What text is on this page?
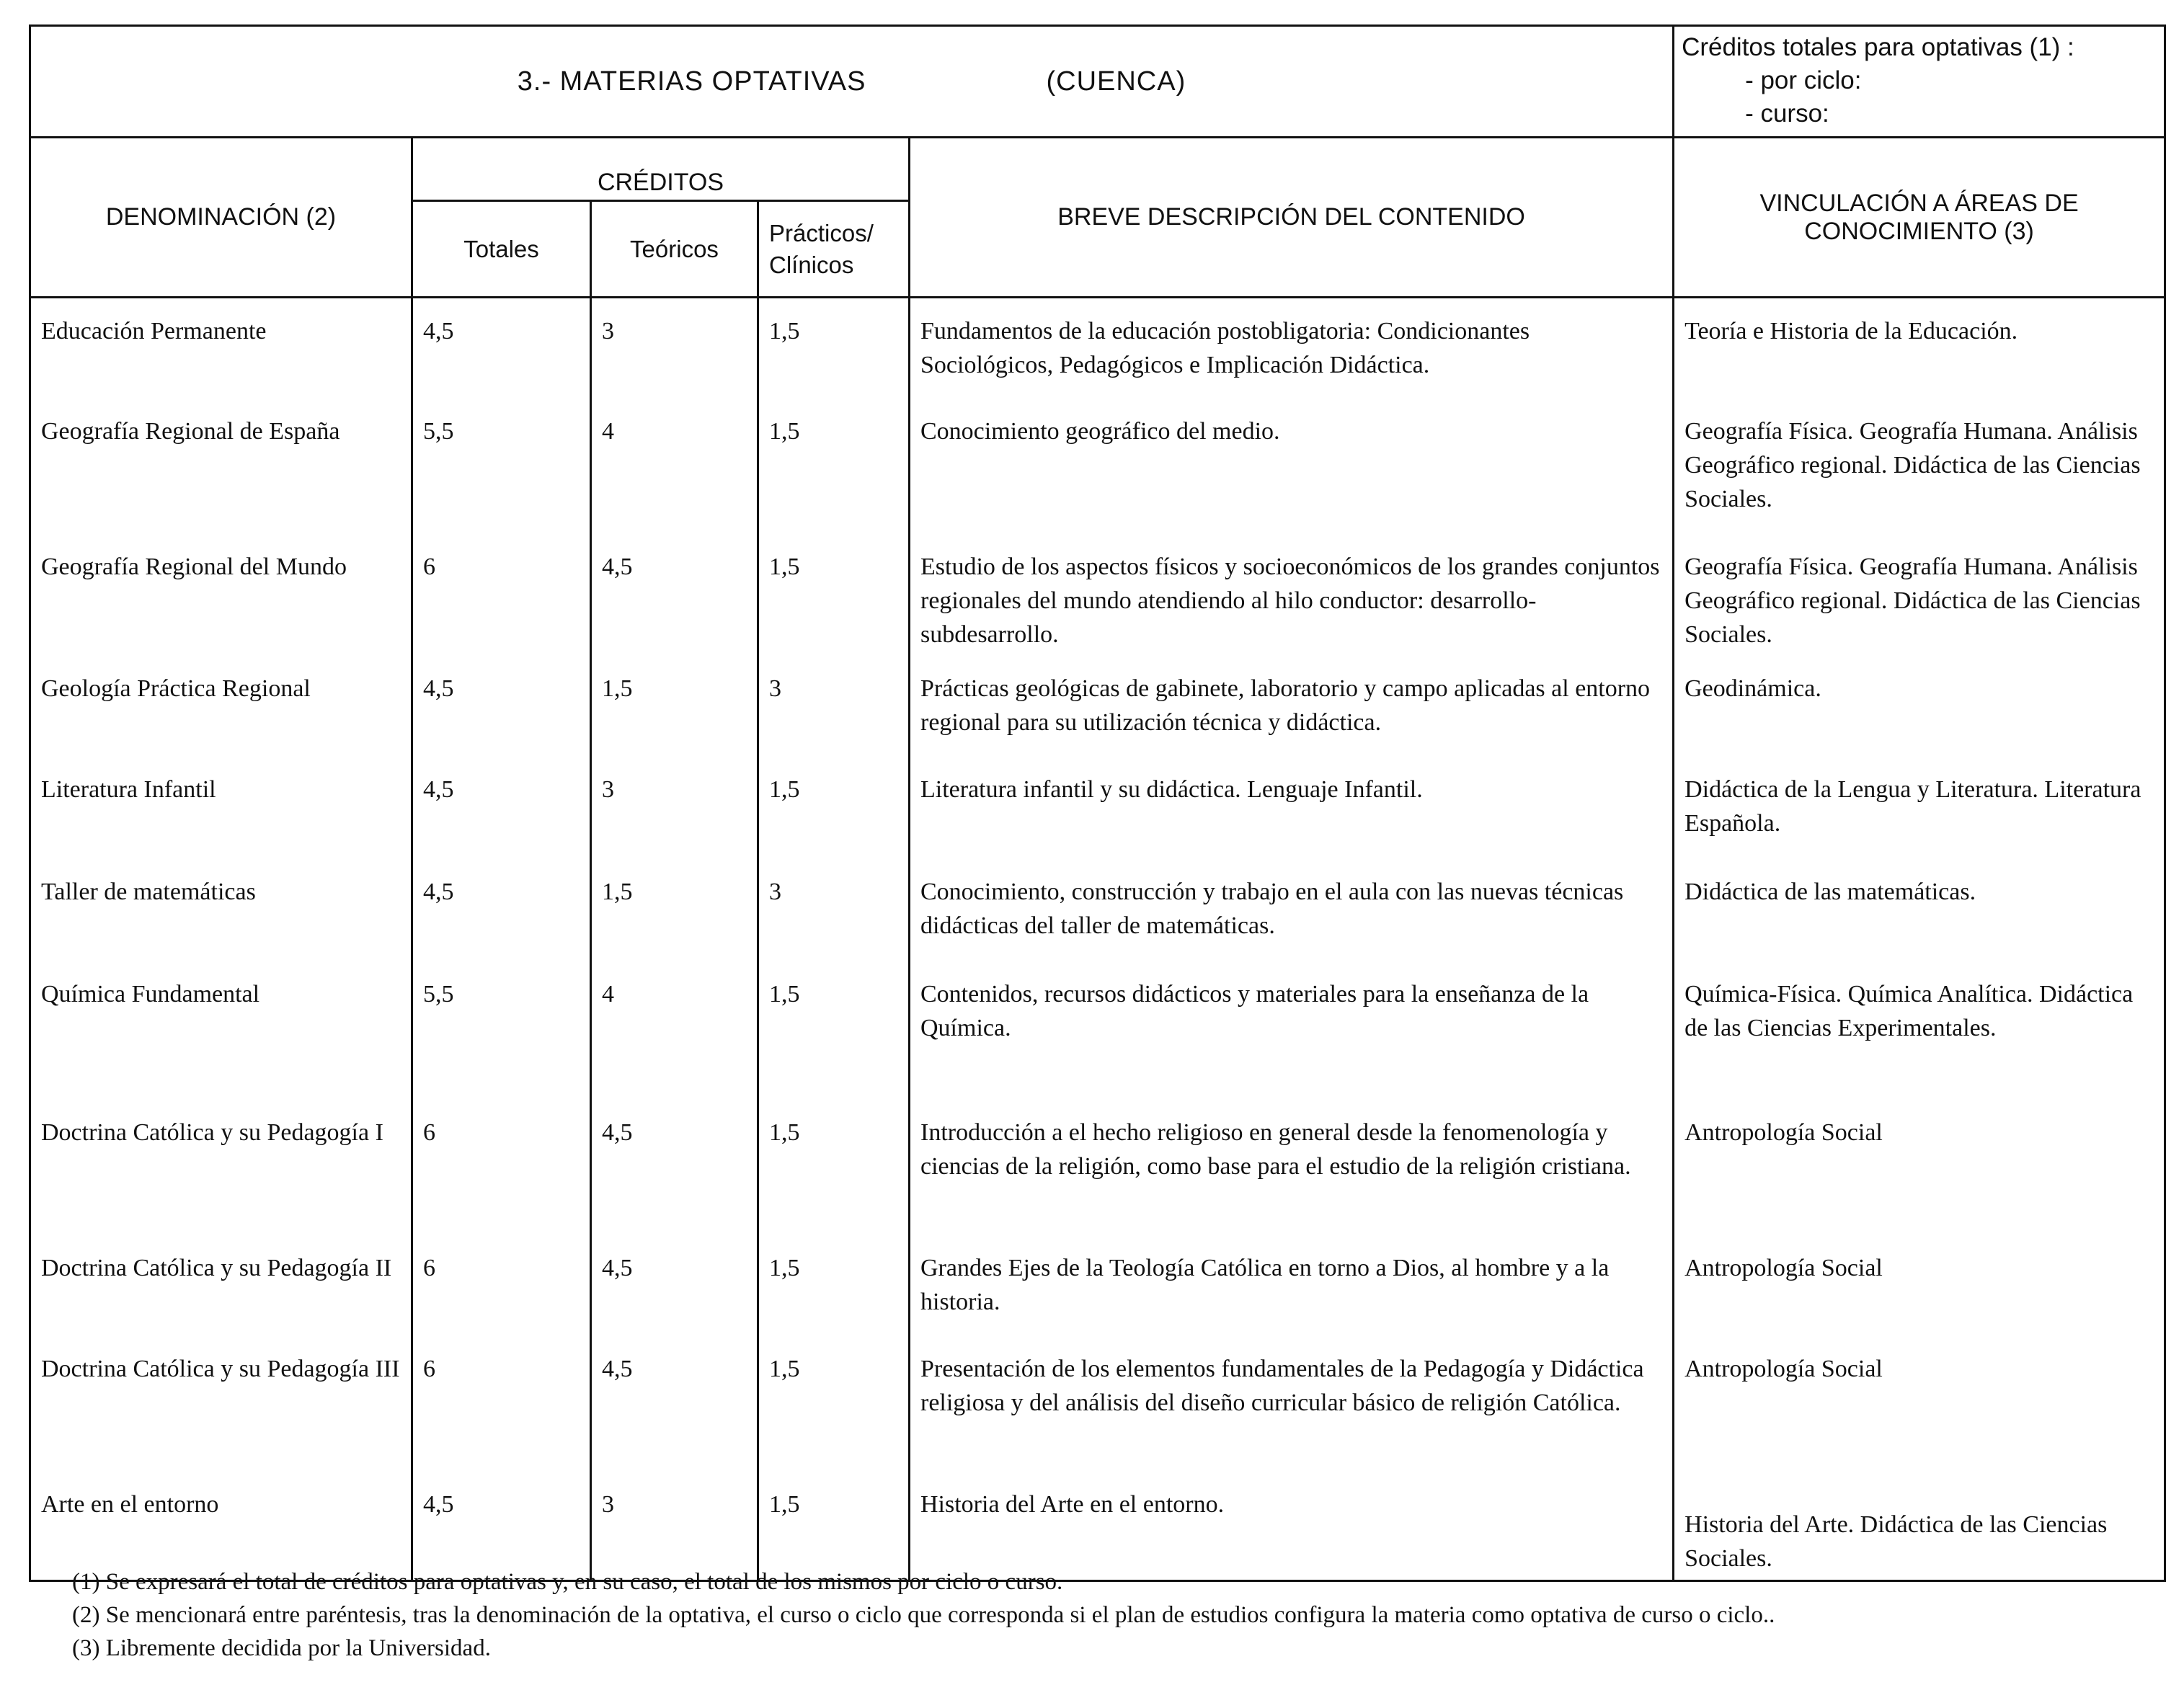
3.- MATERIAS OPTATIVAS (CUENCA)					Créditos totales para optativas (1) :
- por ciclo:
- curso:

DENOMINACIÓN (2)	CRÉDITOS			BREVE DESCRIPCIÓN DEL CONTENIDO	VINCULACIÓN A ÁREAS DE CONOCIMIENTO (3)
	Totales	Teóricos	Prácticos/ Clínicos		
Educación Permanente	4,5	3	1,5	Fundamentos de la educación postobligatoria: Condicionantes Sociológicos, Pedagógicos e Implicación Didáctica.	Teoría e Historia de la Educación.
Geografía Regional de España	5,5	4	1,5	Conocimiento geográfico del medio.	Geografía Física. Geografía Humana. Análisis Geográfico regional. Didáctica de las Ciencias Sociales.
Geografía Regional del Mundo	6	4,5	1,5	Estudio de los aspectos físicos y socioeconómicos de los grandes conjuntos regionales del mundo atendiendo al hilo conductor: desarrollo-subdesarrollo.	Geografía Física. Geografía Humana. Análisis Geográfico regional. Didáctica de las Ciencias Sociales.
Geología Práctica Regional	4,5	1,5	3	Prácticas geológicas de gabinete, laboratorio y campo aplicadas al entorno regional para su utilización técnica y didáctica.	Geodinámica.
Literatura Infantil	4,5	3	1,5	Literatura infantil y su didáctica. Lenguaje Infantil.	Didáctica de la Lengua y Literatura. Literatura Española.
Taller de matemáticas	4,5	1,5	3	Conocimiento, construcción y trabajo en el aula con las nuevas técnicas didácticas del taller de matemáticas.	Didáctica de las matemáticas.
Química Fundamental	5,5	4	1,5	Contenidos, recursos didácticos y materiales para la enseñanza de la Química.	Química-Física. Química Analítica. Didáctica de las Ciencias Experimentales.
Doctrina Católica y su Pedagogía I	6	4,5	1,5	Introducción a el hecho religioso en general desde la fenomenología y ciencias de la religión, como base para el estudio de la religión cristiana.	Antropología Social
Doctrina Católica y su Pedagogía II	6	4,5	1,5	Grandes Ejes de la Teología Católica en torno a Dios, al hombre y a la historia.	Antropología Social
Doctrina Católica y su Pedagogía III	6	4,5	1,5	Presentación de los elementos fundamentales de la Pedagogía y Didáctica religiosa y del análisis del diseño curricular básico de religión Católica.	Antropología Social
Arte en el entorno	4,5	3	1,5	Historia del Arte en el entorno.	Historia del Arte. Didáctica de las Ciencias Sociales.
(1) Se expresará el total de créditos para optativas y, en su caso, el total de los mismos por ciclo o curso.
(2) Se mencionará entre paréntesis, tras la denominación de la optativa, el curso o ciclo que corresponda si el plan de estudios configura la materia como optativa de curso o ciclo..
(3) Libremente decidida por la Universidad.
